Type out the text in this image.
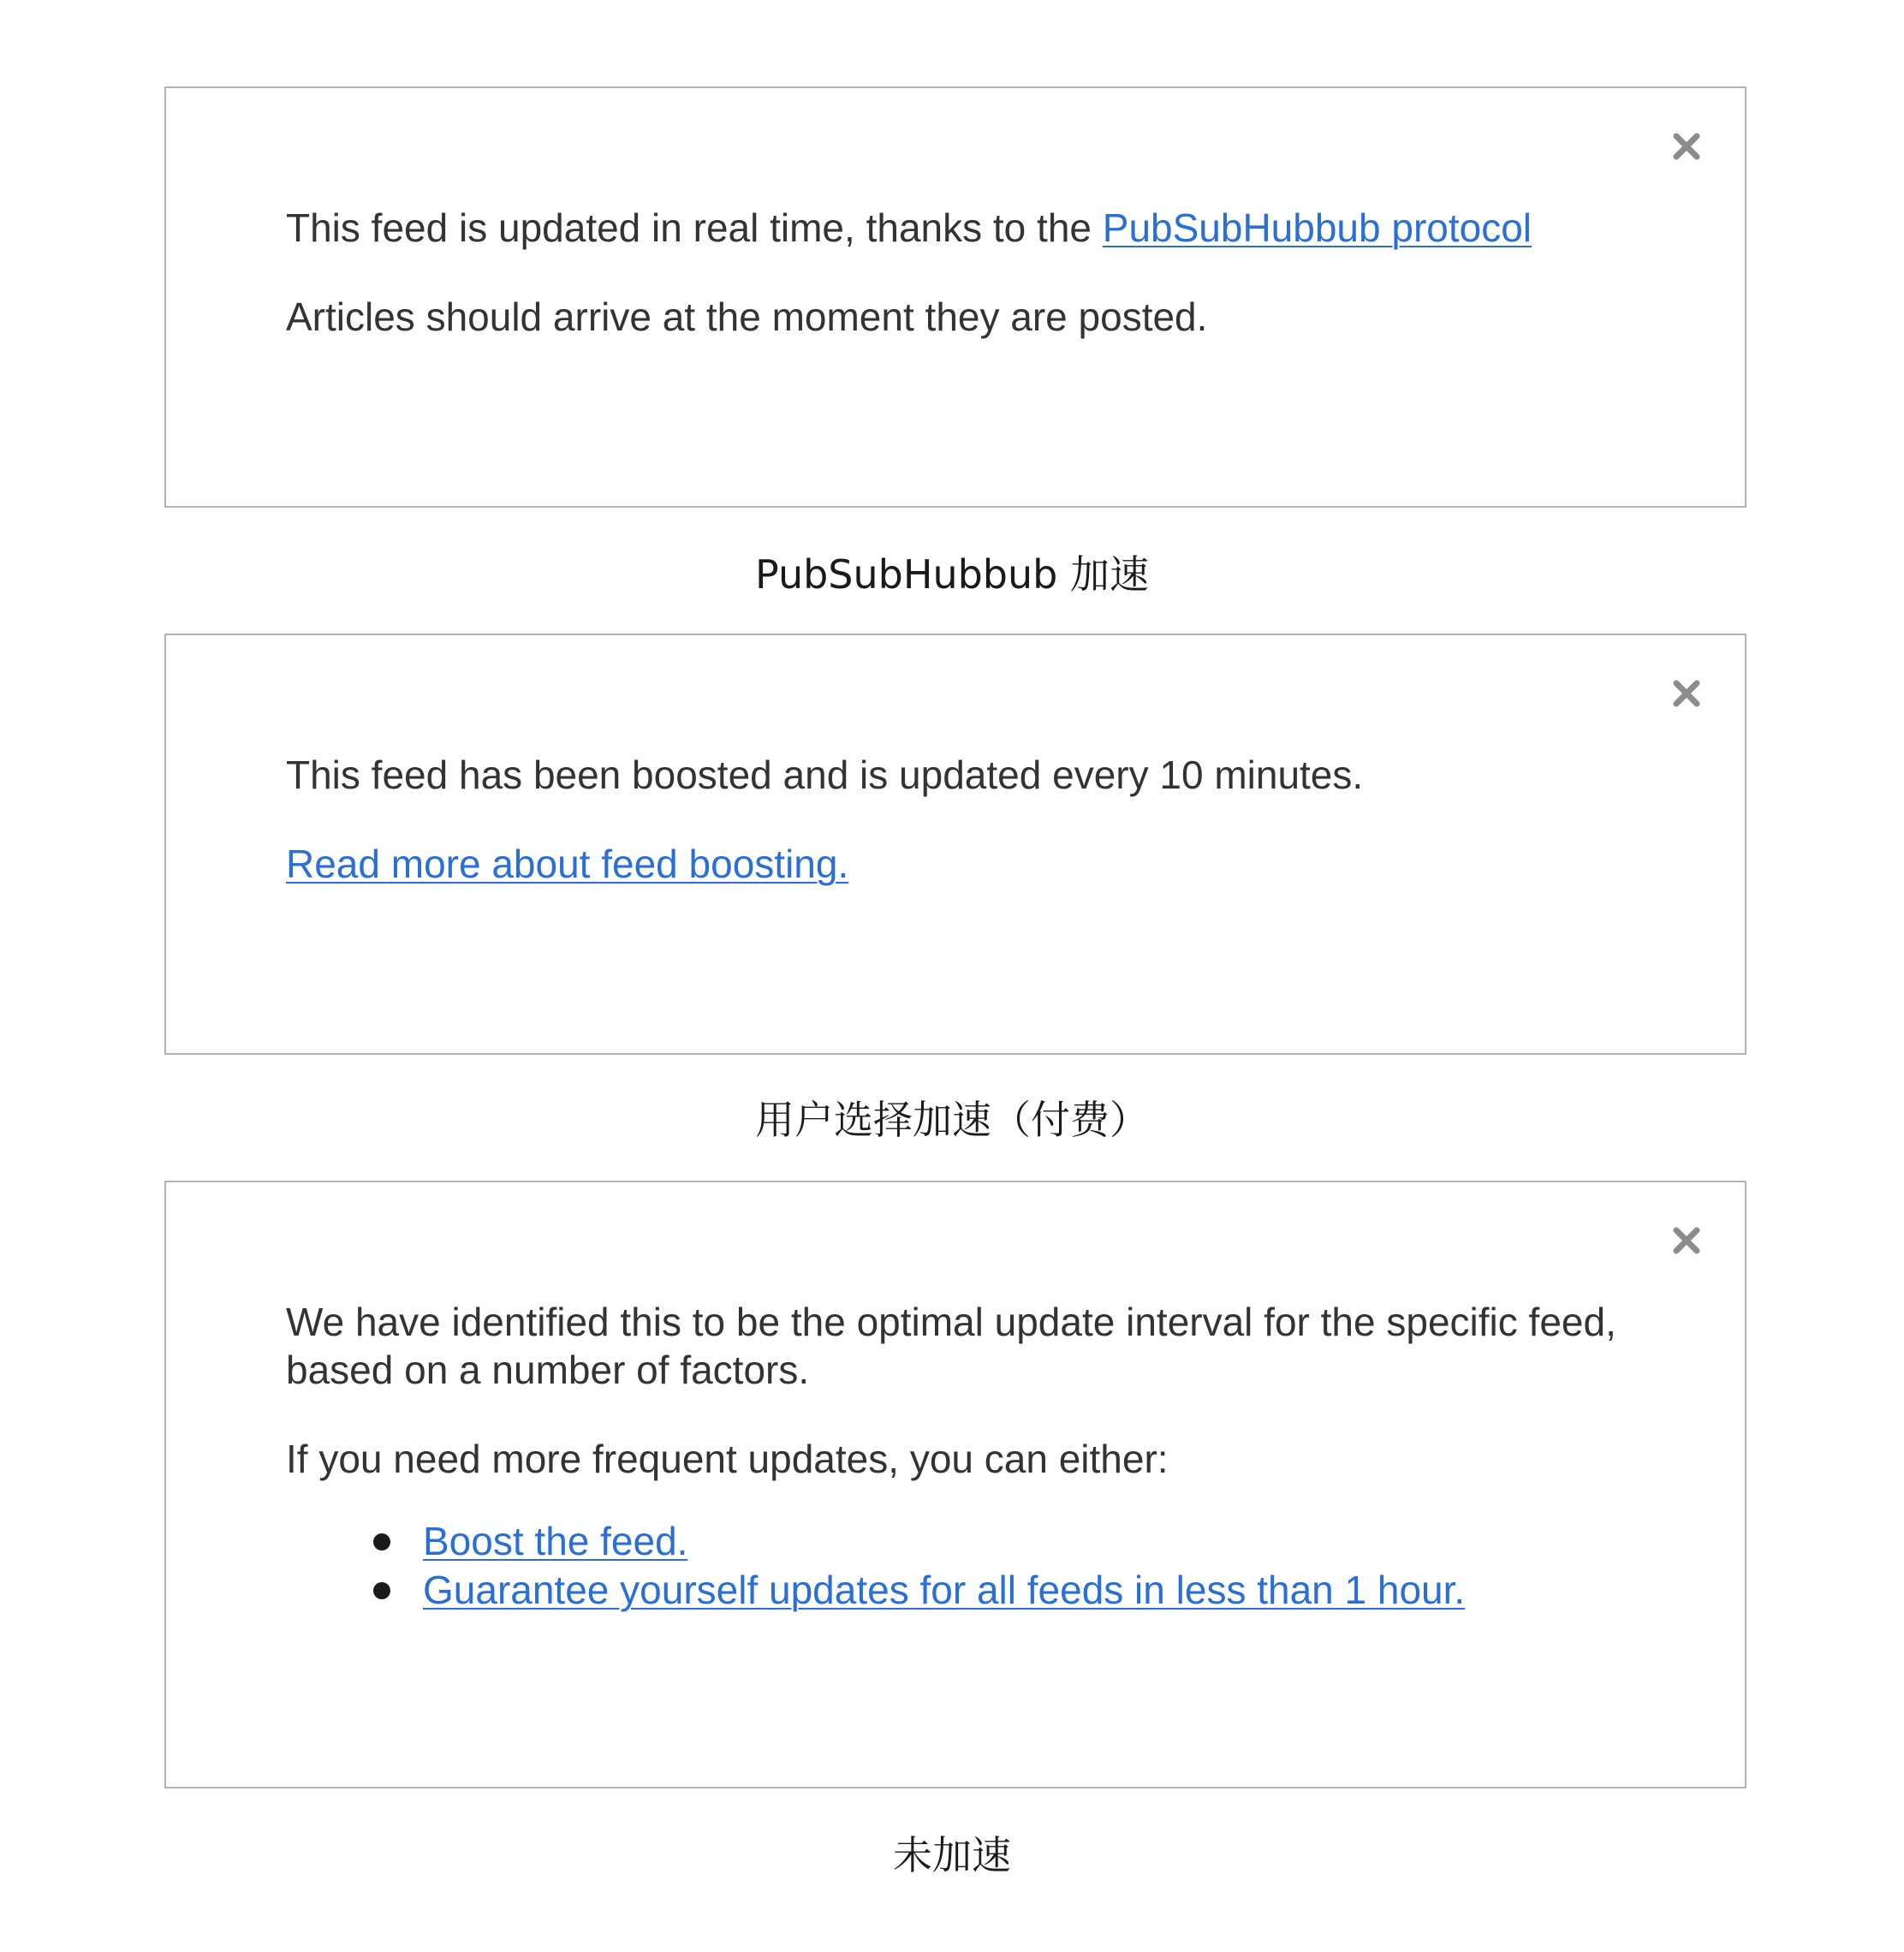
This feed is updated in real time, thanks to the PubSubHubbub protocol

Articles should arrive at the moment they are posted.

PubSubHubbub 加速

This feed has been boosted and is updated every 10 minutes.

Read more about feed boosting.

用户选择加速（付费）

We have identified this to be the optimal update interval for the specific feed, based on a number of factors.

If you need more frequent updates, you can either:

Boost the feed.
Guarantee yourself updates for all feeds in less than 1 hour.
未加速
